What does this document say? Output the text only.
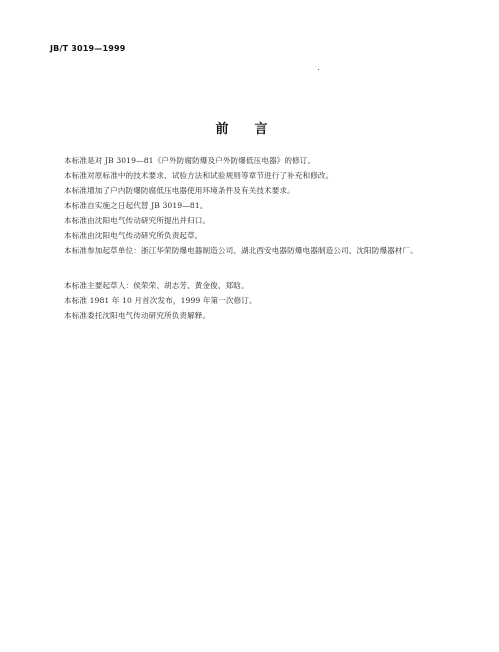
JB/T 3019—1999
前言
本标准是对 JB 3019—81《户外防腐防爆及户外防爆低压电器》的修订。
本标准对原标准中的技术要求、试验方法和试验规则等章节进行了补充和修改。
本标准增加了户内防爆防腐低压电器使用环境条件及有关技术要求。
本标准自实施之日起代替 JB 3019—81。
本标准由沈阳电气传动研究所提出并归口。
本标准由沈阳电气传动研究所负责起草。
本标准参加起草单位：浙江华荣防爆电器制造公司、湖北西安电器防爆电器制造公司、沈阳防爆器材厂。
本标准主要起草人：侯荣荣、胡志芳、黄金俊、郑晗。
本标准 1981 年 10 月首次发布，1999 年第一次修订。
本标准委托沈阳电气传动研究所负责解释。
